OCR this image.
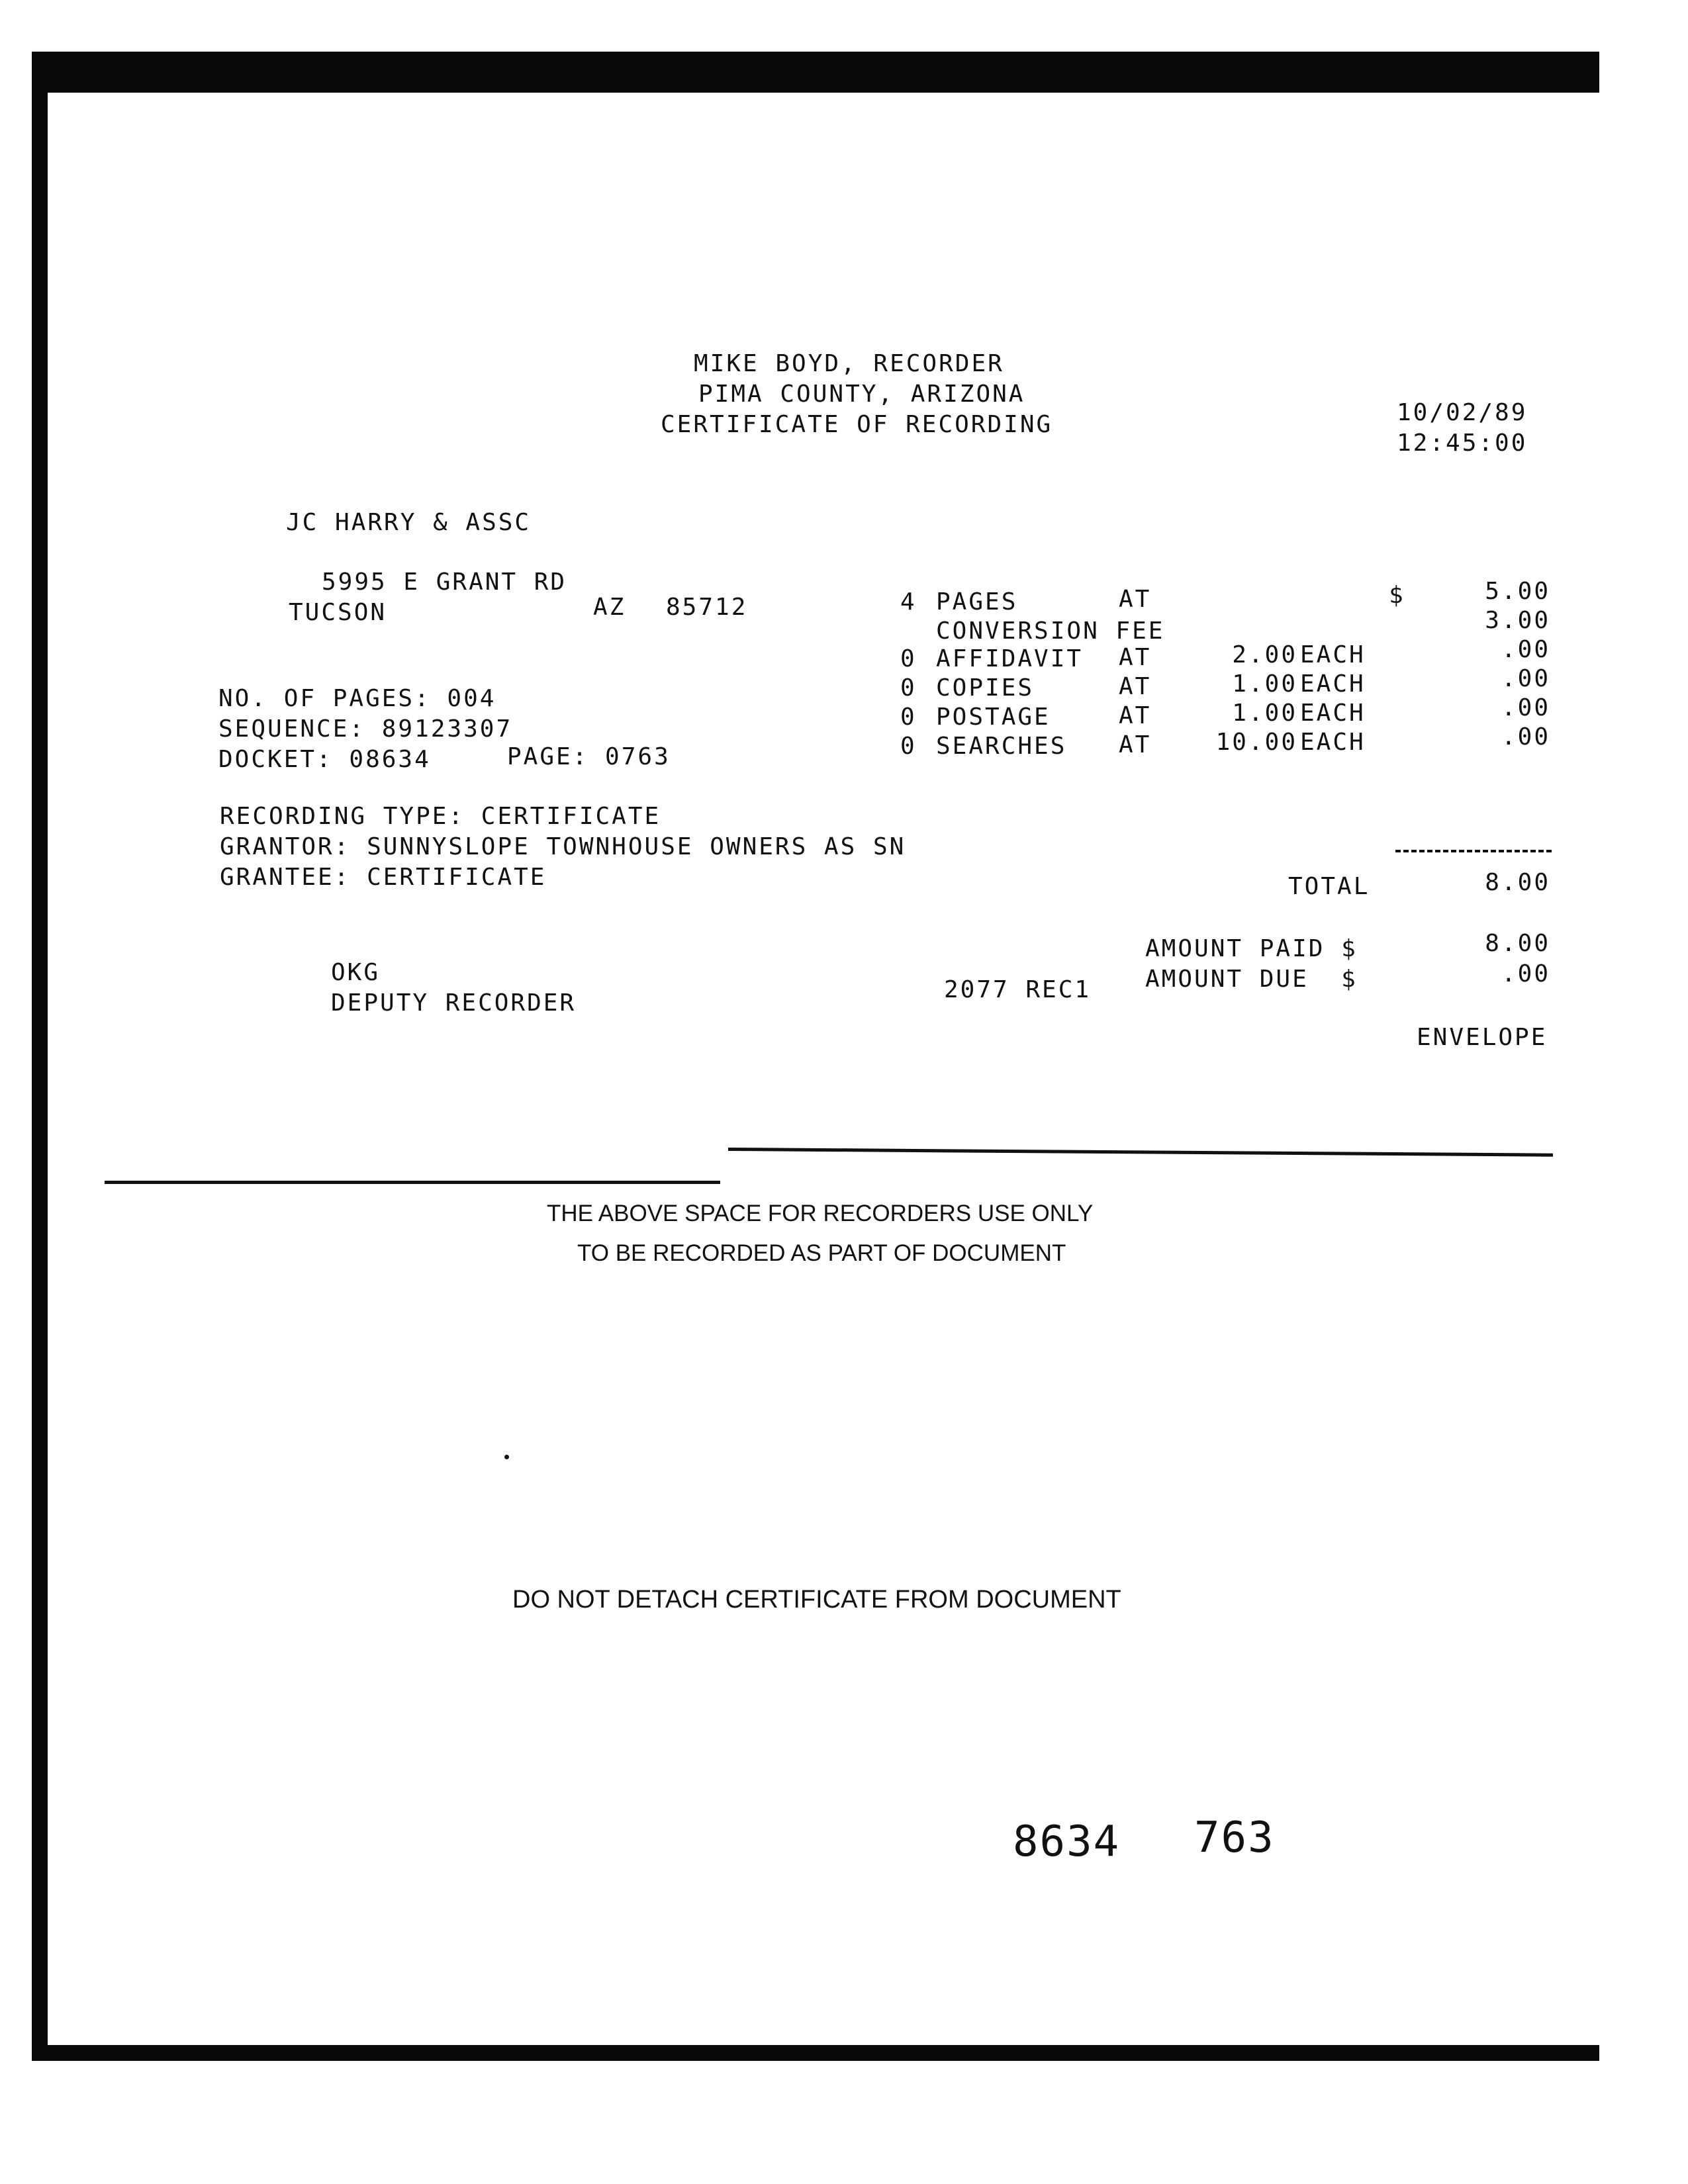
MIKE BOYD, RECORDER
PIMA COUNTY, ARIZONA
CERTIFICATE OF RECORDING	10/02/89
12:45:00
JC HARRY & ASSC
5995 E GRANT RD
TUCSON	AZ 85712
NO. OF PAGES: 004
SEQUENCE: 89123307
DOCKET: 08634	PAGE: 0763
4 PAGES	AT	$	5.00
CONVERSION FEE	3.00
0 AFFIDAVIT AT	2.00 EACH	.00
0 COPIES	AT	1.00 EACH	.00
0 POSTAGE	AT	1.00 EACH	.00
0 SEARCHES AT	10.00 EACH	.00
RECORDING TYPE: CERTIFICATE
GRANTOR: SUNNYSLOPE TOWNHOUSE OWNERS AS SN
GRANTEE: CERTIFICATE	TOTAL	8.00
AMOUNT PAID $	8.00
AMOUNT DUE  $	.00
ENVELOPE
OKG
DEPUTY RECORDER	2077 REC1
THE ABOVE SPACE FOR RECORDERS USE ONLY
TO BE RECORDED AS PART OF DOCUMENT
DO NOT DETACH CERTIFICATE FROM DOCUMENT
8634 763
